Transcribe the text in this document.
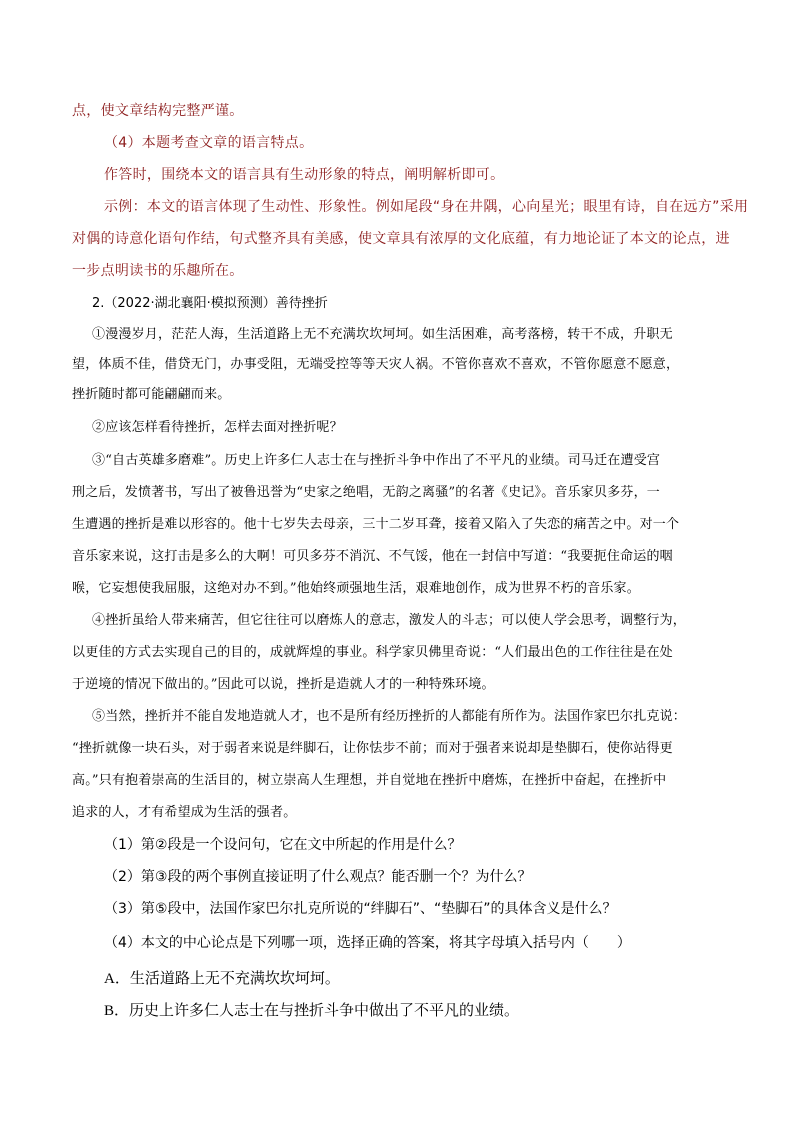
点，使文章结构完整严谨。
（4）本题考查文章的语言特点。
作答时，围绕本文的语言具有生动形象的特点，阐明解析即可。
示例：本文的语言体现了生动性、形象性。例如尾段“身在井隅，心向星光；眼里有诗，自在远方”采用
对偶的诗意化语句作结，句式整齐具有美感，使文章具有浓厚的文化底蕴，有力地论证了本文的论点，进
一步点明读书的乐趣所在。
2.（2022·湖北襄阳·模拟预测）善待挫折
①漫漫岁月，茫茫人海，生活道路上无不充满坎坎坷坷。如生活困难，高考落榜，转干不成，升职无
望，体质不佳，借贷无门，办事受阻，无端受控等等天灾人祸。不管你喜欢不喜欢，不管你愿意不愿意，
挫折随时都可能翩翩而来。
②应该怎样看待挫折，怎样去面对挫折呢？
③“自古英雄多磨难”。历史上许多仁人志士在与挫折斗争中作出了不平凡的业绩。司马迁在遭受宫
刑之后，发愤著书，写出了被鲁迅誉为“史家之绝唱，无韵之离骚”的名著《史记》。音乐家贝多芬，一
生遭遇的挫折是难以形容的。他十七岁失去母亲，三十二岁耳聋，接着又陷入了失恋的痛苦之中。对一个
音乐家来说，这打击是多么的大啊！可贝多芬不消沉、不气馁，他在一封信中写道：“我要扼住命运的咽
喉，它妄想使我屈服，这绝对办不到。”他始终顽强地生活，艰难地创作，成为世界不朽的音乐家。
④挫折虽给人带来痛苦，但它往往可以磨炼人的意志，激发人的斗志；可以使人学会思考，调整行为，
以更佳的方式去实现自己的目的，成就辉煌的事业。科学家贝佛里奇说：“人们最出色的工作往往是在处
于逆境的情况下做出的。”因此可以说，挫折是造就人才的一种特殊环境。
⑤当然，挫折并不能自发地造就人才，也不是所有经历挫折的人都能有所作为。法国作家巴尔扎克说：
“挫折就像一块石头，对于弱者来说是绊脚石，让你怯步不前；而对于强者来说却是垫脚石，使你站得更
高。”只有抱着崇高的生活目的，树立崇高人生理想，并自觉地在挫折中磨炼，在挫折中奋起，在挫折中
追求的人，才有希望成为生活的强者。
（1）第②段是一个设问句，它在文中所起的作用是什么？
（2）第③段的两个事例直接证明了什么观点？能否删一个？为什么？
（3）第⑤段中，法国作家巴尔扎克所说的“绊脚石”、“垫脚石”的具体含义是什么？
（4）本文的中心论点是下列哪一项，选择正确的答案，将其字母填入括号内（　　）
A．生活道路上无不充满坎坎坷坷。
B．历史上许多仁人志士在与挫折斗争中做出了不平凡的业绩。
